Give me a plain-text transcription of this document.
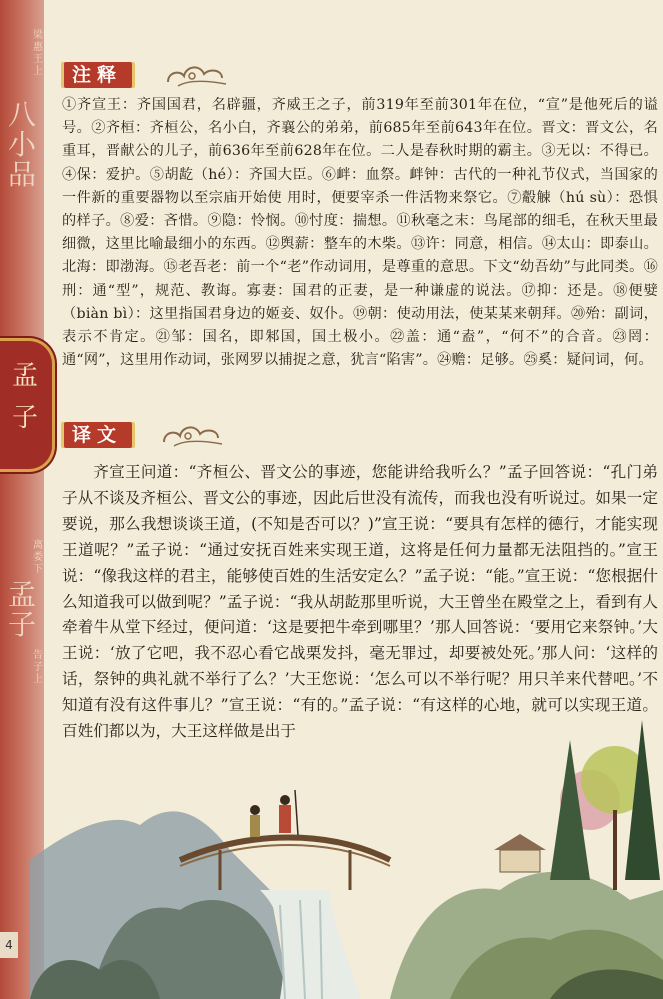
梁
惠
王
上
八
小
品
离
娄
下
孟
子
告
子
上
孟
子
4
注释
①齐宣王：齐国国君，名辟疆，齐威王之子，前319年至前301年在位，“宣”是他死后的谥号。②齐桓：齐桓公，名小白，齐襄公的弟弟，前685年至前643年在位。晋文：晋文公，名重耳，晋献公的儿子，前636年至前628年在位。二人是春秋时期的霸主。③无以：不得已。④保：爱护。⑤胡龁（hé）：齐国大臣。⑥衅：血祭。衅钟：古代的一种礼节仪式，当国家的一件新的重要器物以至宗庙开始使 用时，便要宰杀一件活物来祭它。⑦觳觫（hú sù）：恐惧的样子。⑧爱：吝惜。⑨隐：怜悯。⑩忖度：揣想。⑪秋毫之末：鸟尾部的细毛，在秋天里最细微，这里比喻最细小的东西。⑫舆薪：整车的木柴。⑬许：同意，相信。⑭太山：即泰山。北海：即渤海。⑮老吾老：前一个“老”作动词用，是尊重的意思。下文“幼吾幼”与此同类。⑯刑：通“型”，规范、教诲。寡妻：国君的正妻，是一种谦虚的说法。⑰抑：还是。⑱便嬖（biàn bì）：这里指国君身边的姬妾、奴仆。⑲朝：使动用法，使某某来朝拜。⑳殆：副词，表示不肯定。㉑邹：国名，即邾国，国土极小。㉒盖：通“盍”，“何不”的合音。㉓罔：通“网”，这里用作动词，张网罗以捕捉之意，犹言“陷害”。㉔赡：足够。㉕奚：疑问词，何。
译文
齐宣王问道：“齐桓公、晋文公的事迹，您能讲给我听么？”孟子回答说：“孔门弟子从不谈及齐桓公、晋文公的事迹，因此后世没有流传，而我也没有听说过。如果一定要说，那么我想谈谈王道，(不知是否可以？)”宣王说：“要具有怎样的德行，才能实现王道呢？”孟子说：“通过安抚百姓来实现王道，这将是任何力量都无法阻挡的。”宣王说：“像我这样的君主，能够使百姓的生活安定么？”孟子说：“能。”宣王说：“您根据什么知道我可以做到呢？”孟子说：“我从胡龁那里听说，大王曾坐在殿堂之上，看到有人牵着牛从堂下经过，便问道：‘这是要把牛牵到哪里？’那人回答说：‘要用它来祭钟。’大王说：‘放了它吧，我不忍心看它战栗发抖，毫无罪过，却要被处死。’那人问：‘这样的话，祭钟的典礼就不举行了么？’大王您说：‘怎么可以不举行呢？用只羊来代替吧。’不知道有没有这件事儿？”宣王说：“有的。”孟子说：“有这样的心地，就可以实现王道。百姓们都以为，大王这样做是出于
